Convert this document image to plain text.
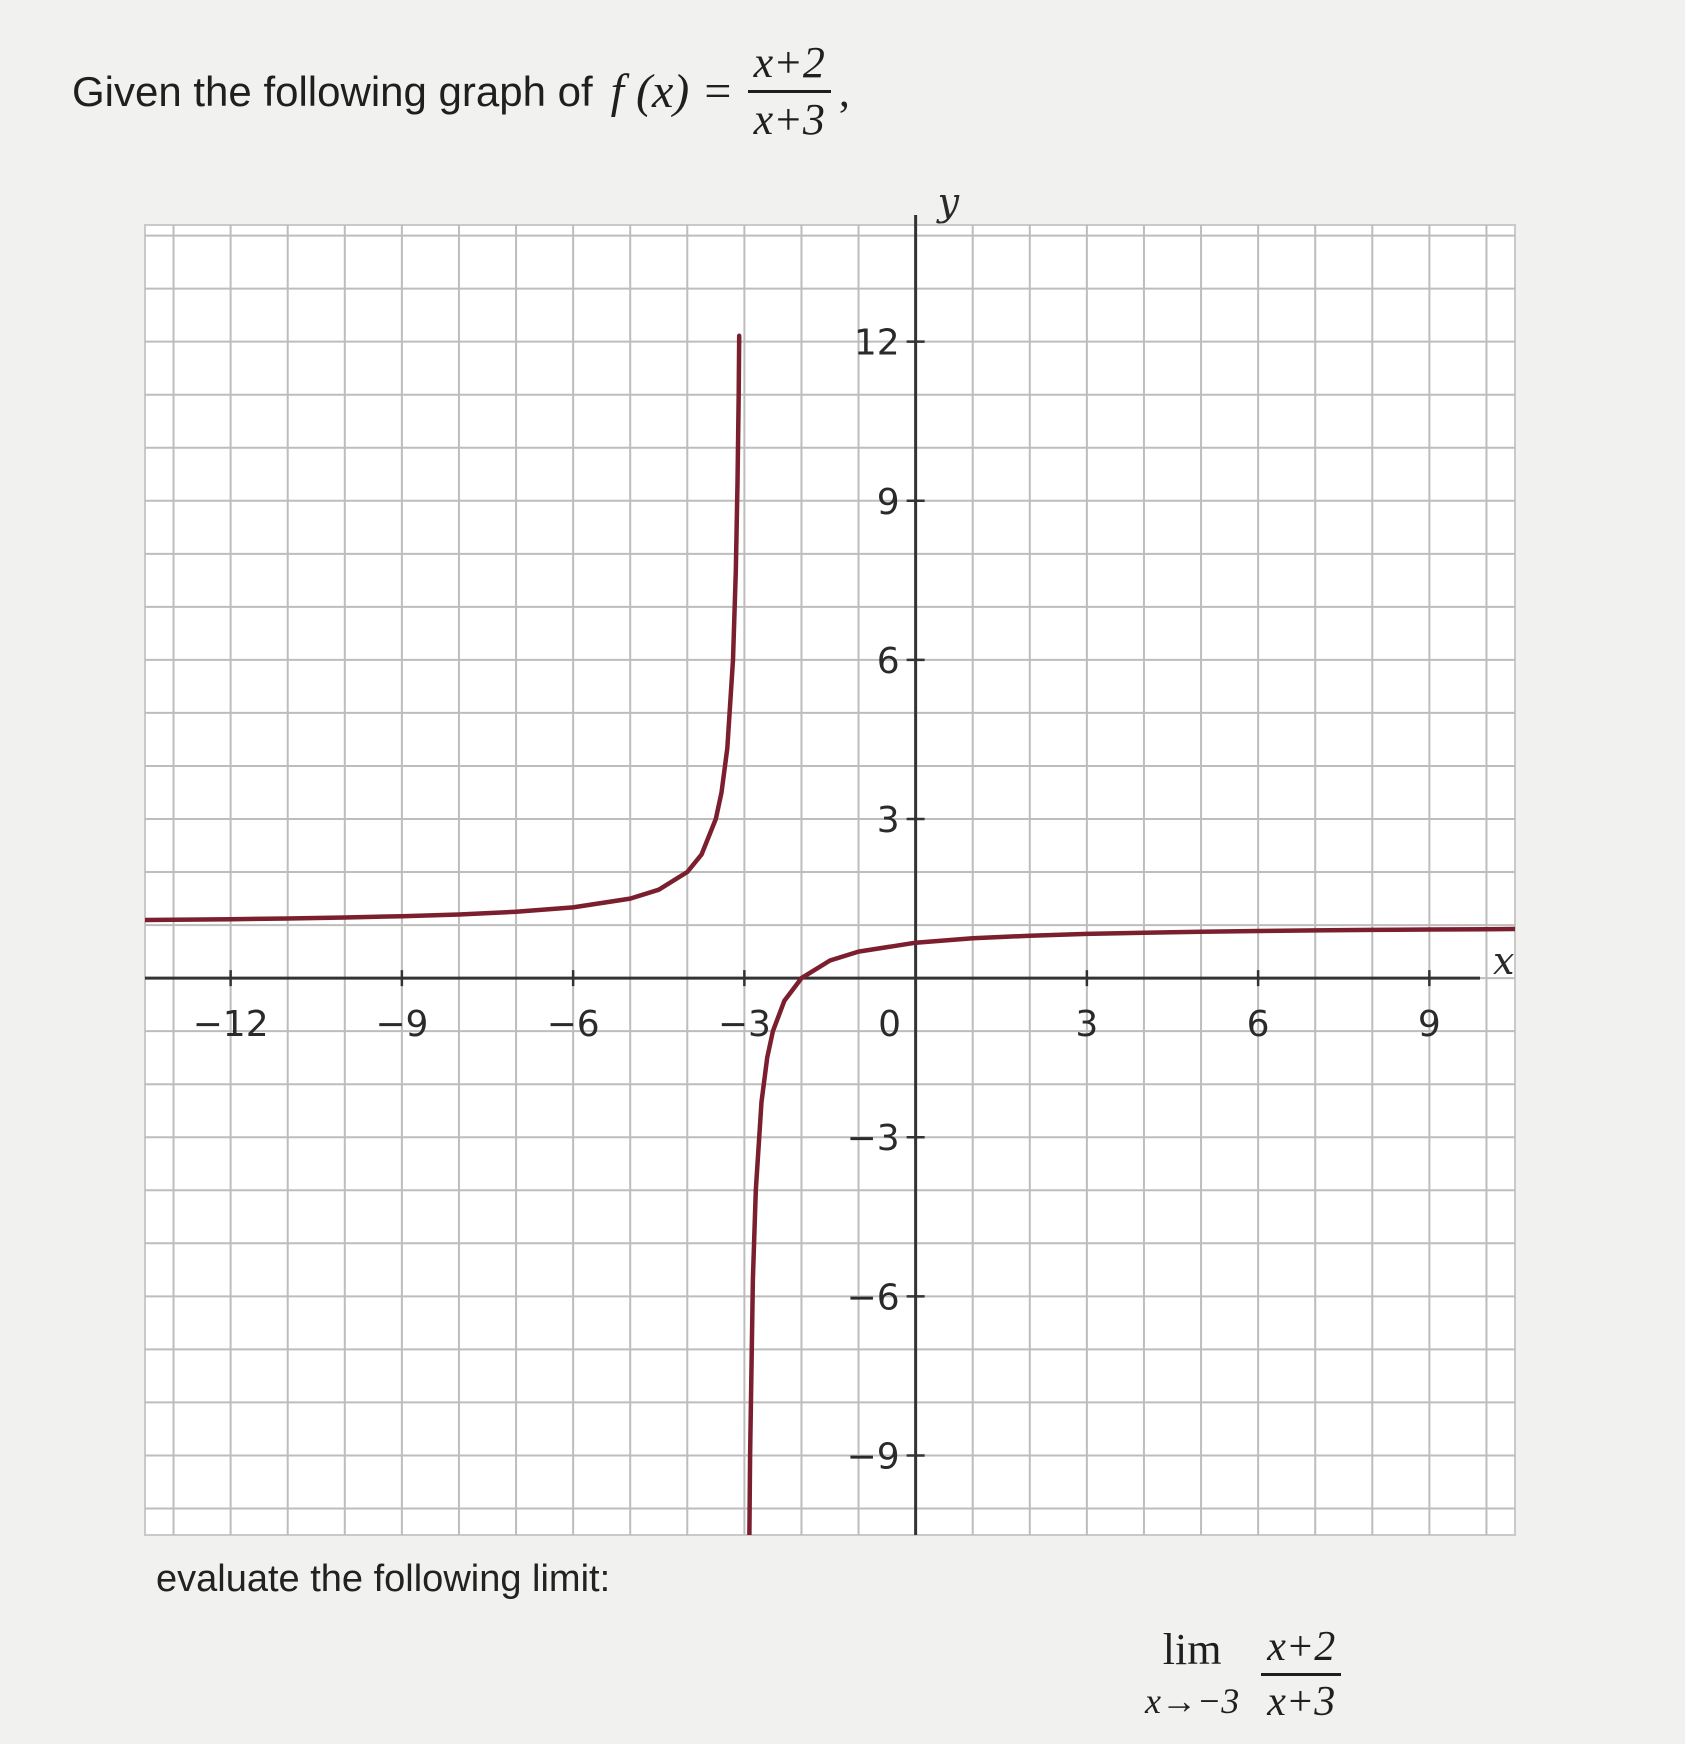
Given the following graph of f $(x) = \frac{x+2}{x+3}$ ,
−12	−9	−6	−3	0	3	6	9
12
9
6
3
−3
−6
−9
x
y
evaluate the following limit:
lim
$x\to-3 \frac{x+2}{x+3}$
